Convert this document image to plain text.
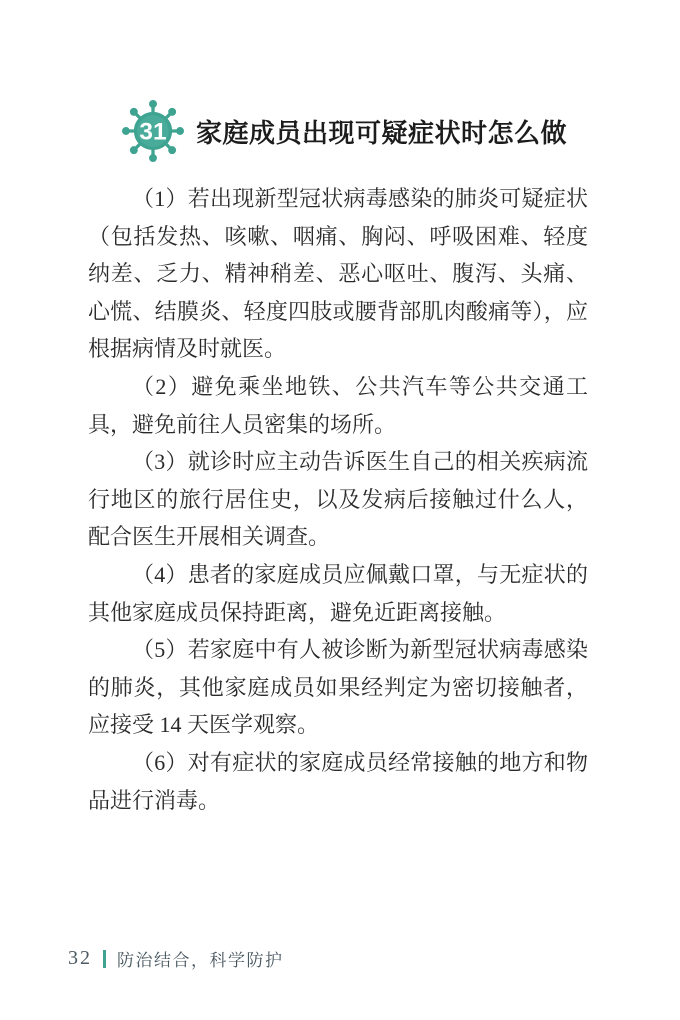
31 家庭成员出现可疑症状时怎么做

（1）若出现新型冠状病毒感染的肺炎可疑症状（包括发热、咳嗽、咽痛、胸闷、呼吸困难、轻度纳差、乏力、精神稍差、恶心呕吐、腹泻、头痛、心慌、结膜炎、轻度四肢或腰背部肌肉酸痛等），应根据病情及时就医。

（2）避免乘坐地铁、公共汽车等公共交通工具，避免前往人员密集的场所。

（3）就诊时应主动告诉医生自己的相关疾病流行地区的旅行居住史，以及发病后接触过什么人，配合医生开展相关调查。

（4）患者的家庭成员应佩戴口罩，与无症状的其他家庭成员保持距离，避免近距离接触。

（5）若家庭中有人被诊断为新型冠状病毒感染的肺炎，其他家庭成员如果经判定为密切接触者，应接受 14 天医学观察。

（6）对有症状的家庭成员经常接触的地方和物品进行消毒。

32 防治结合，科学防护
